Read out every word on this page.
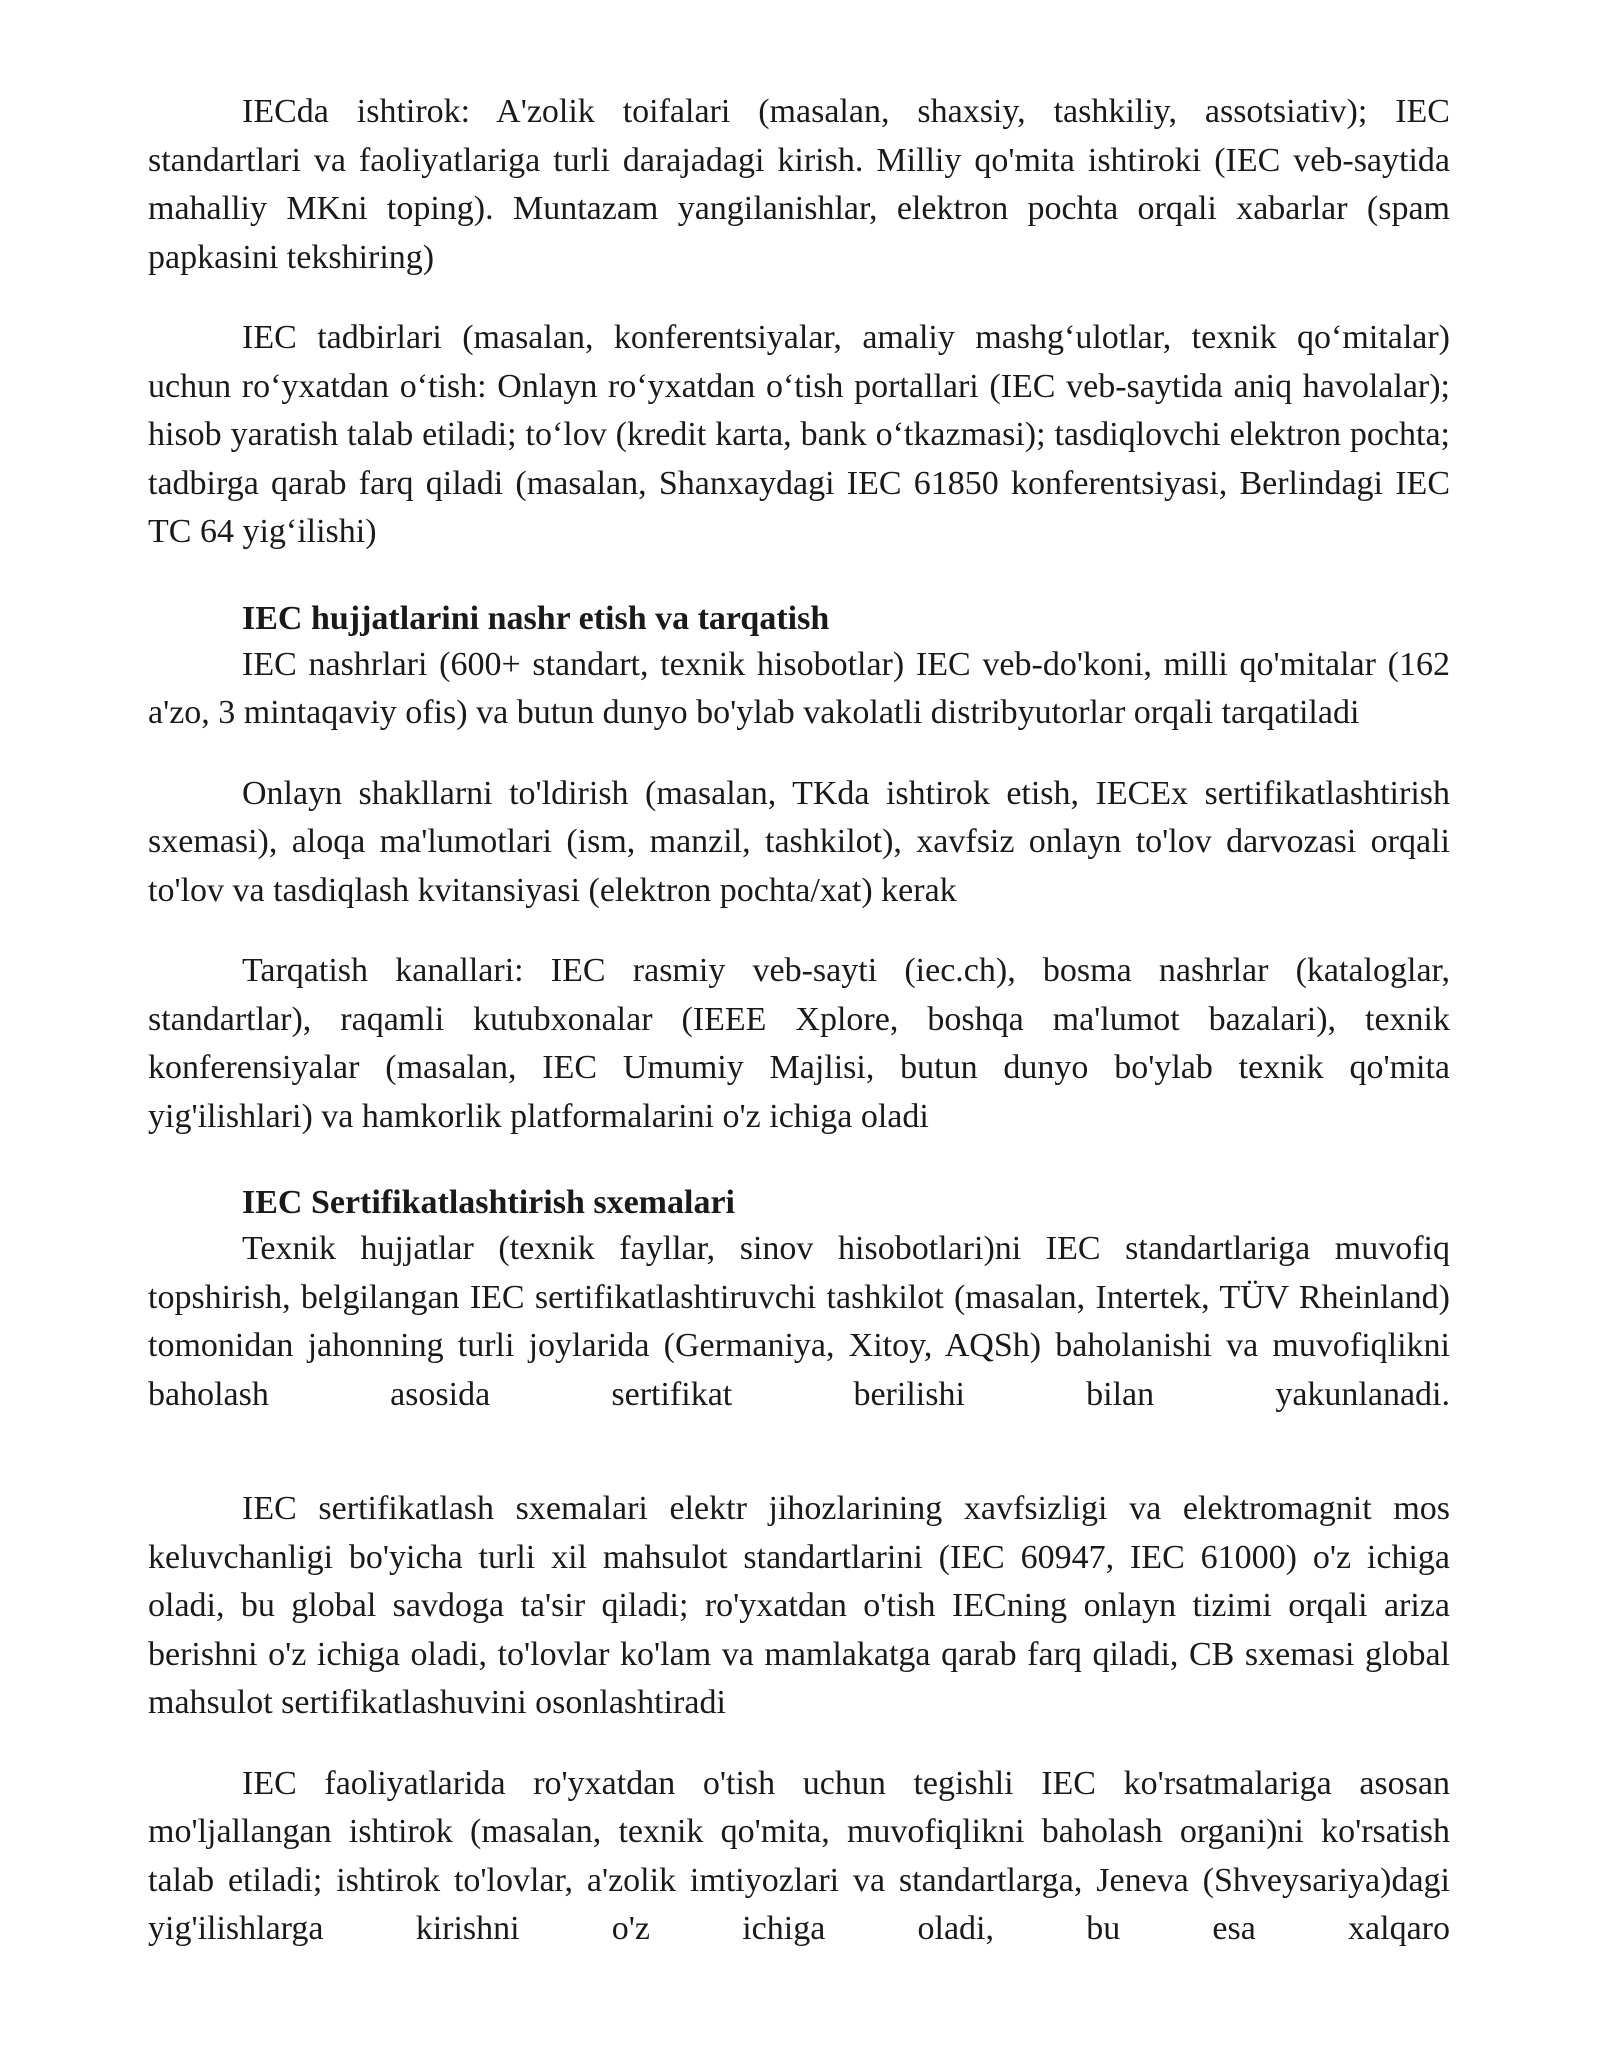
IECda ishtirok: A'zolik toifalari (masalan, shaxsiy, tashkiliy, assotsiativ); IEC standartlari va faoliyatlariga turli darajadagi kirish. Milliy qo'mita ishtiroki (IEC veb-saytida mahalliy MKni toping). Muntazam yangilanishlar, elektron pochta orqali xabarlar (spam papkasini tekshiring)

IEC tadbirlari (masalan, konferentsiyalar, amaliy mashg‘ulotlar, texnik qo‘mitalar) uchun ro‘yxatdan o‘tish: Onlayn ro‘yxatdan o‘tish portallari (IEC veb-saytida aniq havolalar); hisob yaratish talab etiladi; to‘lov (kredit karta, bank o‘tkazmasi); tasdiqlovchi elektron pochta; tadbirga qarab farq qiladi (masalan, Shanxaydagi IEC 61850 konferentsiyasi, Berlindagi IEC TC 64 yig‘ilishi)

IEC hujjatlarini nashr etish va tarqatish

IEC nashrlari (600+ standart, texnik hisobotlar) IEC veb-do'koni, milli qo'mitalar (162 a'zo, 3 mintaqaviy ofis) va butun dunyo bo'ylab vakolatli distribyutorlar orqali tarqatiladi

Onlayn shakllarni to'ldirish (masalan, TKda ishtirok etish, IECEx sertifikatlashtirish sxemasi), aloqa ma'lumotlari (ism, manzil, tashkilot), xavfsiz onlayn to'lov darvozasi orqali to'lov va tasdiqlash kvitansiyasi (elektron pochta/xat) kerak

Tarqatish kanallari: IEC rasmiy veb-sayti (iec.ch), bosma nashrlar (kataloglar, standartlar), raqamli kutubxonalar (IEEE Xplore, boshqa ma'lumot bazalari), texnik konferensiyalar (masalan, IEC Umumiy Majlisi, butun dunyo bo'ylab texnik qo'mita yig'ilishlari) va hamkorlik platformalarini o'z ichiga oladi

IEC Sertifikatlashtirish sxemalari

Texnik hujjatlar (texnik fayllar, sinov hisobotlari)ni IEC standartlariga muvofiq topshirish, belgilangan IEC sertifikatlashtiruvchi tashkilot (masalan, Intertek, TÜV Rheinland) tomonidan jahonning turli joylarida (Germaniya, Xitoy, AQSh) baholanishi va muvofiqlikni baholash asosida sertifikat berilishi bilan yakunlanadi.

IEC sertifikatlash sxemalari elektr jihozlarining xavfsizligi va elektromagnit mos keluvchanligi bo'yicha turli xil mahsulot standartlarini (IEC 60947, IEC 61000) o'z ichiga oladi, bu global savdoga ta'sir qiladi; ro'yxatdan o'tish IECning onlayn tizimi orqali ariza berishni o'z ichiga oladi, to'lovlar ko'lam va mamlakatga qarab farq qiladi, CB sxemasi global mahsulot sertifikatlashuvini osonlashtiradi

IEC faoliyatlarida ro'yxatdan o'tish uchun tegishli IEC ko'rsatmalariga asosan mo'ljallangan ishtirok (masalan, texnik qo'mita, muvofiqlikni baholash organi)ni ko'rsatish talab etiladi; ishtirok to'lovlar, a'zolik imtiyozlari va standartlarga, Jeneva (Shveysariya)dagi yig'ilishlarga kirishni o'z ichiga oladi, bu esa xalqaro
